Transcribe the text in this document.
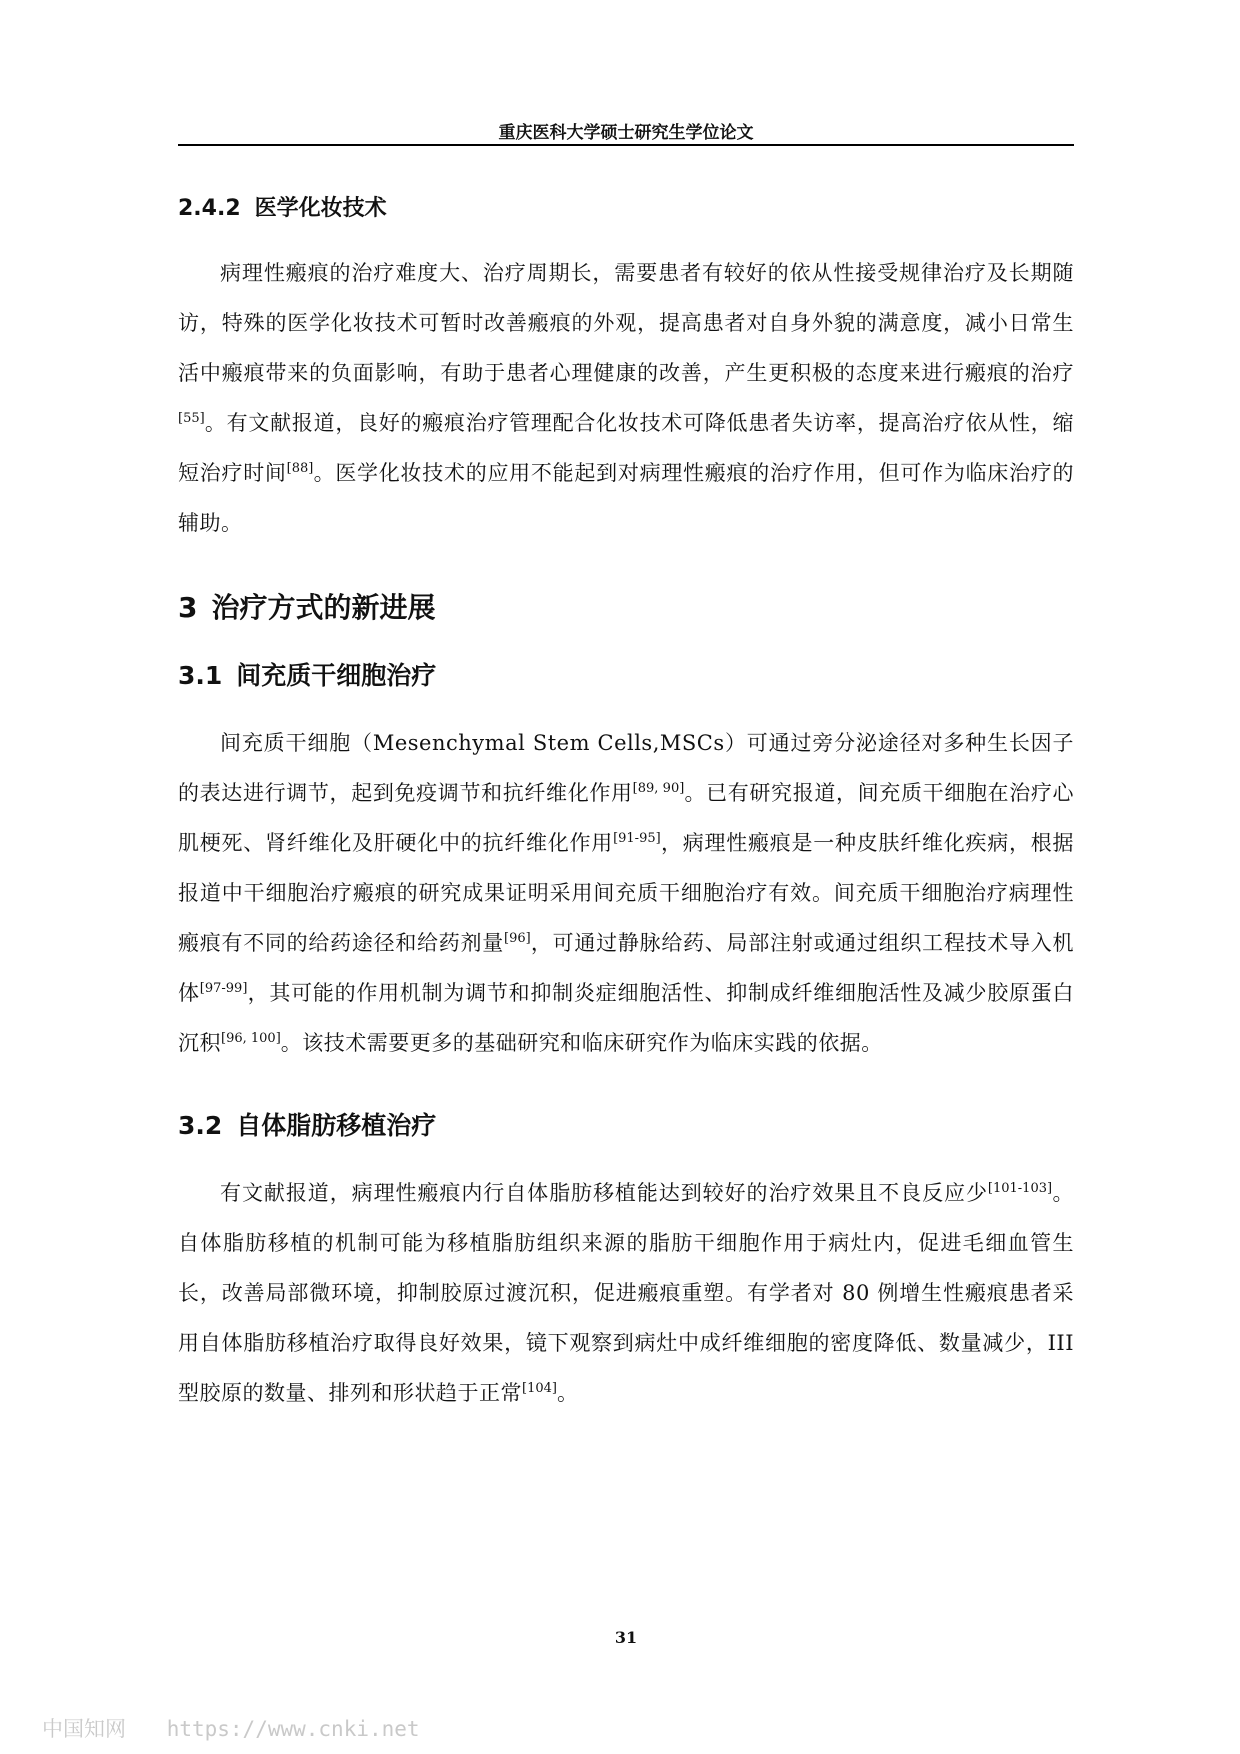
重庆医科大学硕士研究生学位论文
2.4.2 医学化妆技术

病理性瘢痕的治疗难度大、治疗周期长，需要患者有较好的依从性接受规律治疗及长期随访，特殊的医学化妆技术可暂时改善瘢痕的外观，提高患者对自身外貌的满意度，减小日常生活中瘢痕带来的负面影响，有助于患者心理健康的改善，产生更积极的态度来进行瘢痕的治疗[55]。有文献报道，良好的瘢痕治疗管理配合化妆技术可降低患者失访率，提高治疗依从性，缩短治疗时间[88]。医学化妆技术的应用不能起到对病理性瘢痕的治疗作用，但可作为临床治疗的辅助。

3 治疗方式的新进展
3.1 间充质干细胞治疗

间充质干细胞（Mesenchymal Stem Cells,MSCs）可通过旁分泌途径对多种生长因子的表达进行调节，起到免疫调节和抗纤维化作用[89, 90]。已有研究报道，间充质干细胞在治疗心肌梗死、肾纤维化及肝硬化中的抗纤维化作用[91-95]，病理性瘢痕是一种皮肤纤维化疾病，根据报道中干细胞治疗瘢痕的研究成果证明采用间充质干细胞治疗有效。间充质干细胞治疗病理性瘢痕有不同的给药途径和给药剂量[96]，可通过静脉给药、局部注射或通过组织工程技术导入机体[97-99]，其可能的作用机制为调节和抑制炎症细胞活性、抑制成纤维细胞活性及减少胶原蛋白沉积[96, 100]。该技术需要更多的基础研究和临床研究作为临床实践的依据。

3.2 自体脂肪移植治疗

有文献报道，病理性瘢痕内行自体脂肪移植能达到较好的治疗效果且不良反应少[101-103]。自体脂肪移植的机制可能为移植脂肪组织来源的脂肪干细胞作用于病灶内，促进毛细血管生长，改善局部微环境，抑制胶原过渡沉积，促进瘢痕重塑。有学者对 80 例增生性瘢痕患者采用自体脂肪移植治疗取得良好效果，镜下观察到病灶中成纤维细胞的密度降低、数量减少，III 型胶原的数量、排列和形状趋于正常[104]。

31
中国知网 https://www.cnki.net
